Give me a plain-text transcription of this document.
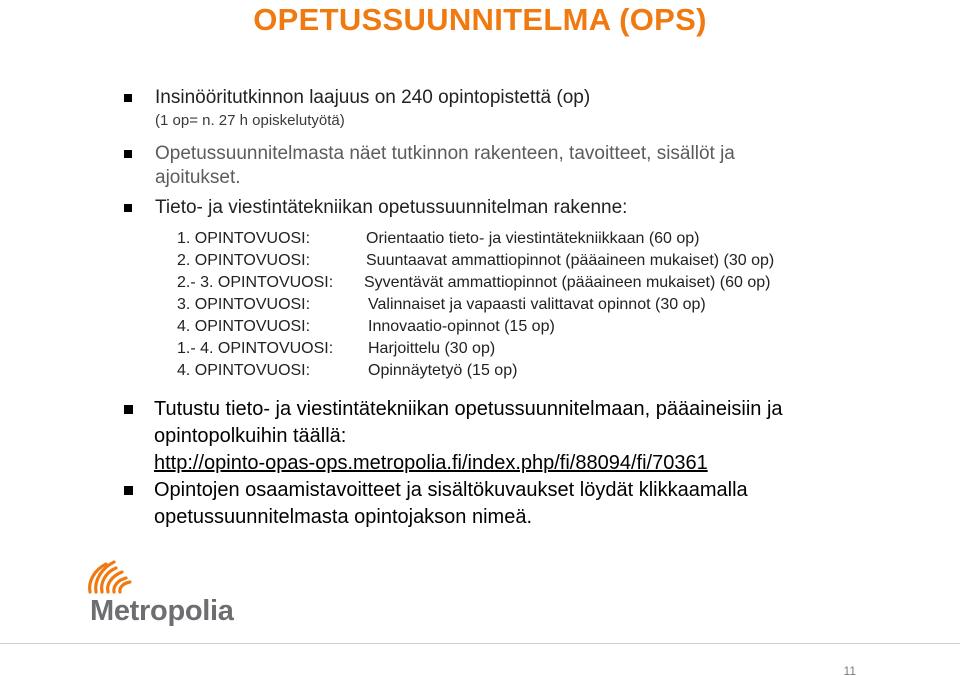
OPETUSSUUNNITELMA (OPS)
Insinööritutkinnon laajuus on 240 opintopistettä (op)
(1 op= n. 27 h opiskelutyötä)
Opetussuunnitelmasta näet tutkinnon rakenteen, tavoitteet, sisällöt ja
ajoitukset.
Tieto- ja viestintätekniikan opetussuunnitelman rakenne:
1. OPINTOVUOSI:	Orientaatio tieto- ja viestintätekniikkaan (60 op)
2. OPINTOVUOSI:	Suuntaavat ammattiopinnot (pääaineen mukaiset) (30 op)
2.- 3. OPINTOVUOSI: Syventävät ammattiopinnot (pääaineen mukaiset) (60 op)
3. OPINTOVUOSI:	Valinnaiset ja vapaasti valittavat opinnot (30 op)
4. OPINTOVUOSI:	Innovaatio-opinnot (15 op)
1.- 4. OPINTOVUOSI: Harjoittelu (30 op)
4. OPINTOVUOSI:	Opinnäytetyö (15 op)
Tutustu tieto- ja viestintätekniikan opetussuunnitelmaan, pääaineisiin ja
opintopolkuihin täällä:
http://opinto-opas-ops.metropolia.fi/index.php/fi/88094/fi/70361
Opintojen osaamistavoitteet ja sisältökuvaukset löydät klikkaamalla
opetussuunnitelmasta opintojakson nimeä.
Metropolia
11
